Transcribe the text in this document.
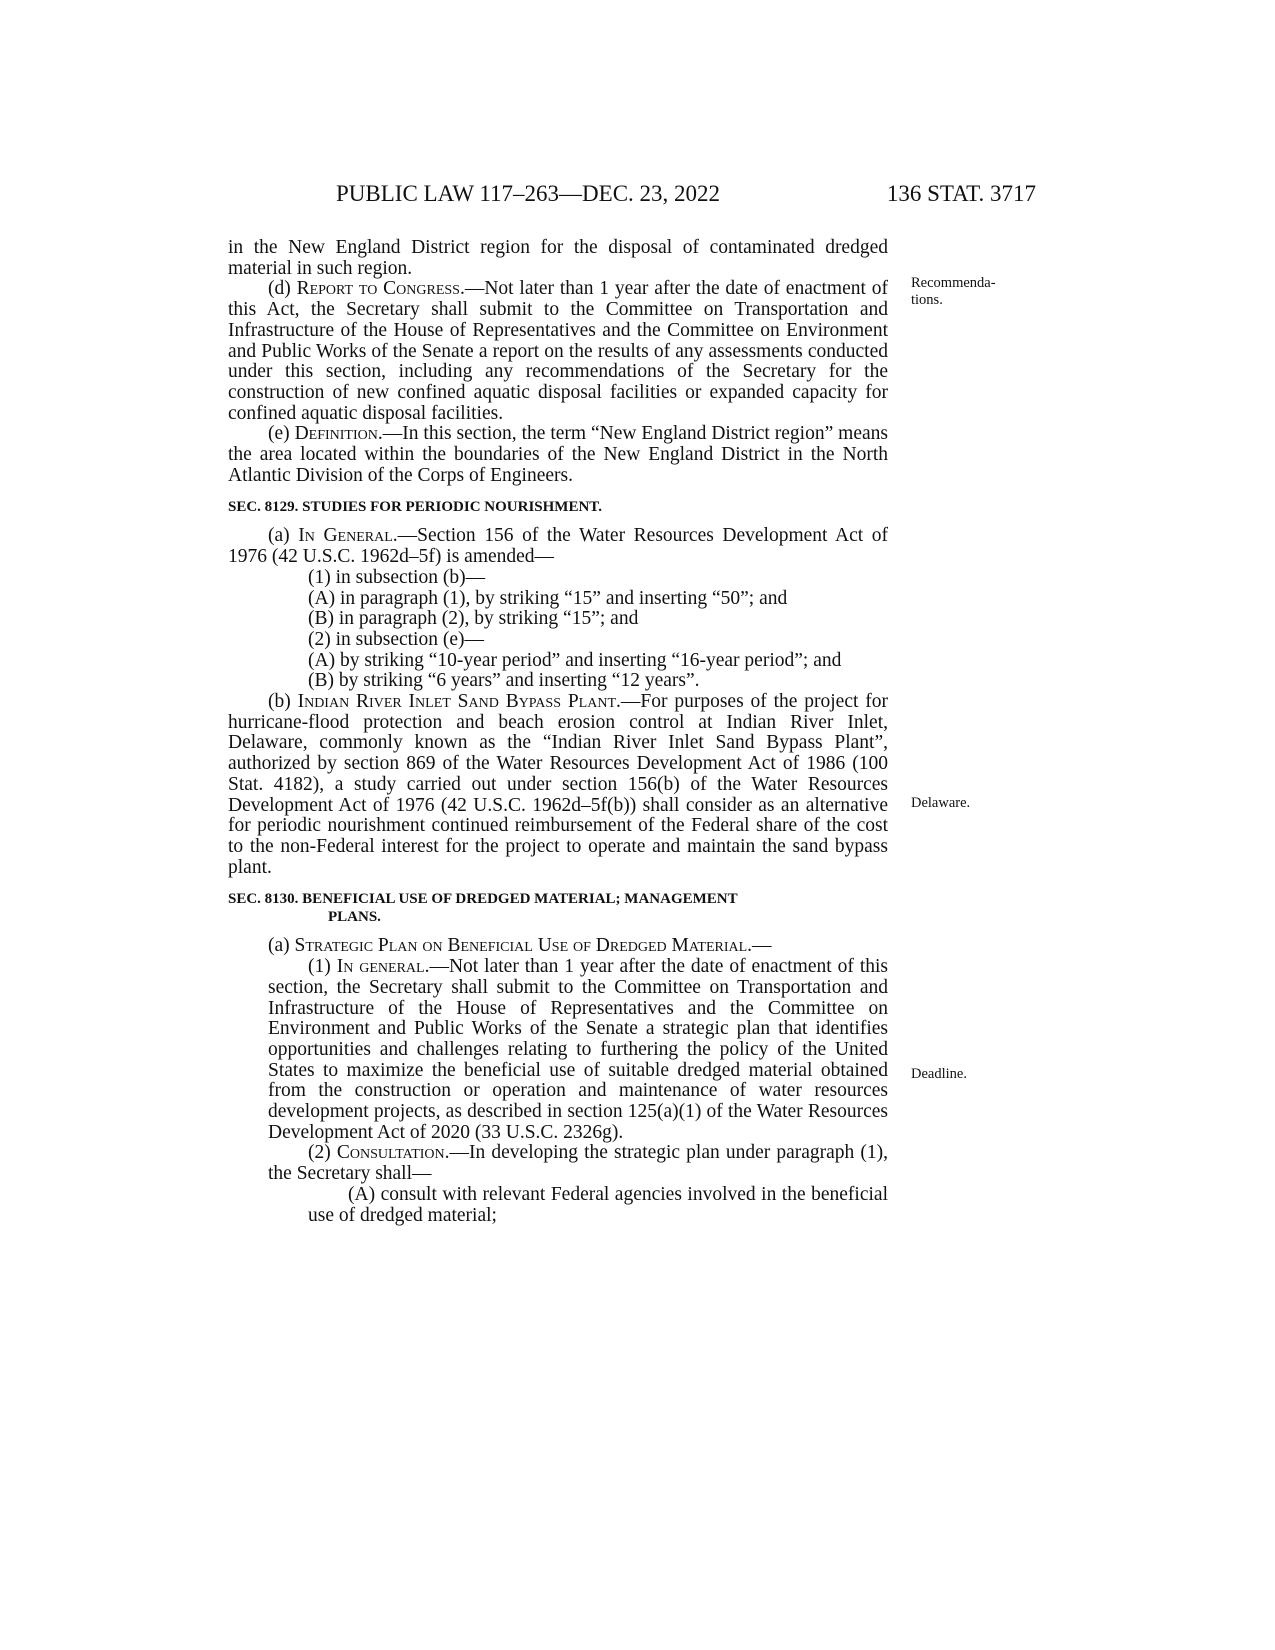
PUBLIC LAW 117–263—DEC. 23, 2022	136 STAT. 3717
Recommenda-
tions.
Delaware.
Deadline.

in the New England District region for the disposal of contaminated dredged material in such region.

(d) Report to Congress.—Not later than 1 year after the date of enactment of this Act, the Secretary shall submit to the Committee on Transportation and Infrastructure of the House of Representatives and the Committee on Environment and Public Works of the Senate a report on the results of any assessments conducted under this section, including any recommendations of the Secretary for the construction of new confined aquatic disposal facilities or expanded capacity for confined aquatic disposal facilities.

(e) Definition.—In this section, the term “New England District region” means the area located within the boundaries of the New England District in the North Atlantic Division of the Corps of Engineers.

SEC. 8129. STUDIES FOR PERIODIC NOURISHMENT.

(a) In General.—Section 156 of the Water Resources Development Act of 1976 (42 U.S.C. 1962d–5f) is amended—

(1) in subsection (b)—

(A) in paragraph (1), by striking “15” and inserting “50”; and

(B) in paragraph (2), by striking “15”; and

(2) in subsection (e)—

(A) by striking “10-year period” and inserting “16-year period”; and

(B) by striking “6 years” and inserting “12 years”.

(b) Indian River Inlet Sand Bypass Plant.—For purposes of the project for hurricane-flood protection and beach erosion control at Indian River Inlet, Delaware, commonly known as the “Indian River Inlet Sand Bypass Plant”, authorized by section 869 of the Water Resources Development Act of 1986 (100 Stat. 4182), a study carried out under section 156(b) of the Water Resources Development Act of 1976 (42 U.S.C. 1962d–5f(b)) shall consider as an alternative for periodic nourishment continued reimbursement of the Federal share of the cost to the non-Federal interest for the project to operate and maintain the sand bypass plant.

SEC. 8130. BENEFICIAL USE OF DREDGED MATERIAL; MANAGEMENT
PLANS.

(a) Strategic Plan on Beneficial Use of Dredged Material.—

(1) In general.—Not later than 1 year after the date of enactment of this section, the Secretary shall submit to the Committee on Transportation and Infrastructure of the House of Representatives and the Committee on Environment and Public Works of the Senate a strategic plan that identifies opportunities and challenges relating to furthering the policy of the United States to maximize the beneficial use of suitable dredged material obtained from the construction or operation and maintenance of water resources development projects, as described in section 125(a)(1) of the Water Resources Development Act of 2020 (33 U.S.C. 2326g).

(2) Consultation.—In developing the strategic plan under paragraph (1), the Secretary shall—

(A) consult with relevant Federal agencies involved in the beneficial use of dredged material;
